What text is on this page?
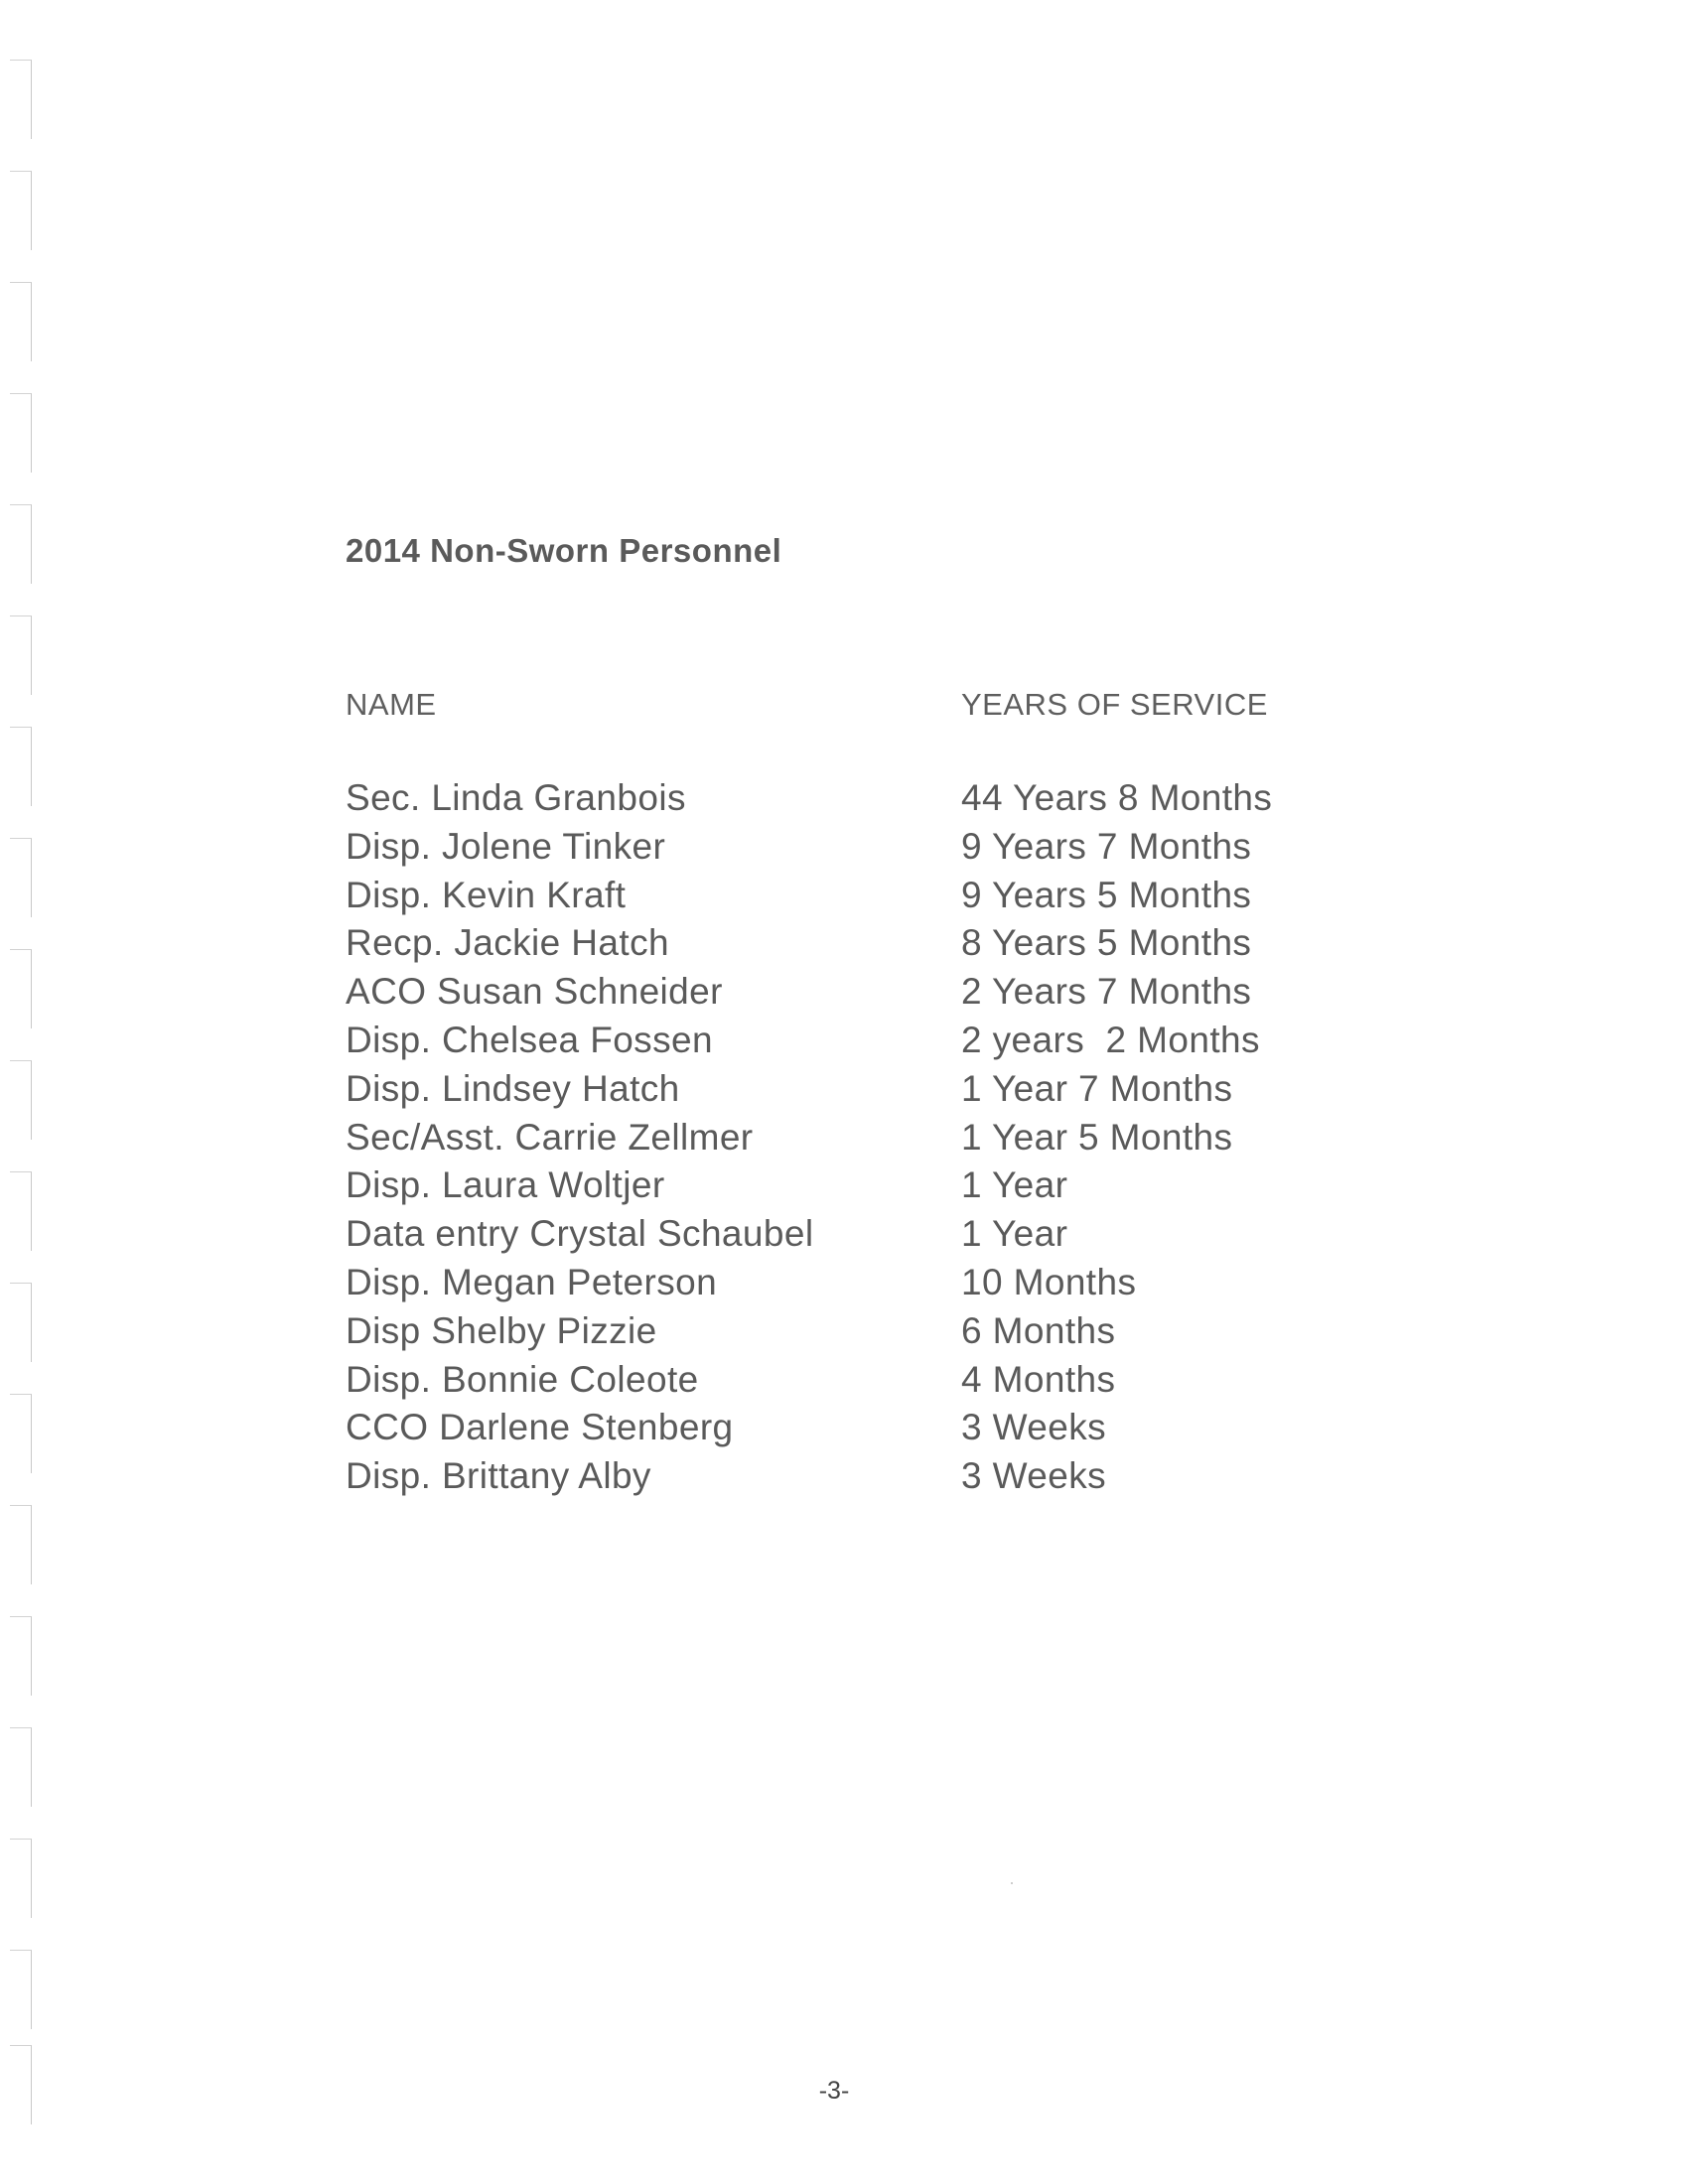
2014 Non-Sworn Personnel
NAME	YEARS OF SERVICE
Sec. Linda Granbois	44 Years 8 Months
Disp. Jolene Tinker	9 Years 7 Months
Disp. Kevin Kraft	9 Years 5 Months
Recp. Jackie Hatch	8 Years 5 Months
ACO Susan Schneider	2 Years 7 Months
Disp. Chelsea Fossen	2 years  2 Months
Disp. Lindsey Hatch	1 Year 7 Months
Sec/Asst. Carrie Zellmer	1 Year 5 Months
Disp. Laura Woltjer	1 Year
Data entry Crystal Schaubel	1 Year
Disp. Megan Peterson	10 Months
Disp Shelby Pizzie	6 Months
Disp. Bonnie Coleote	4 Months
CCO Darlene Stenberg	3 Weeks
Disp. Brittany Alby	3 Weeks
-3-
